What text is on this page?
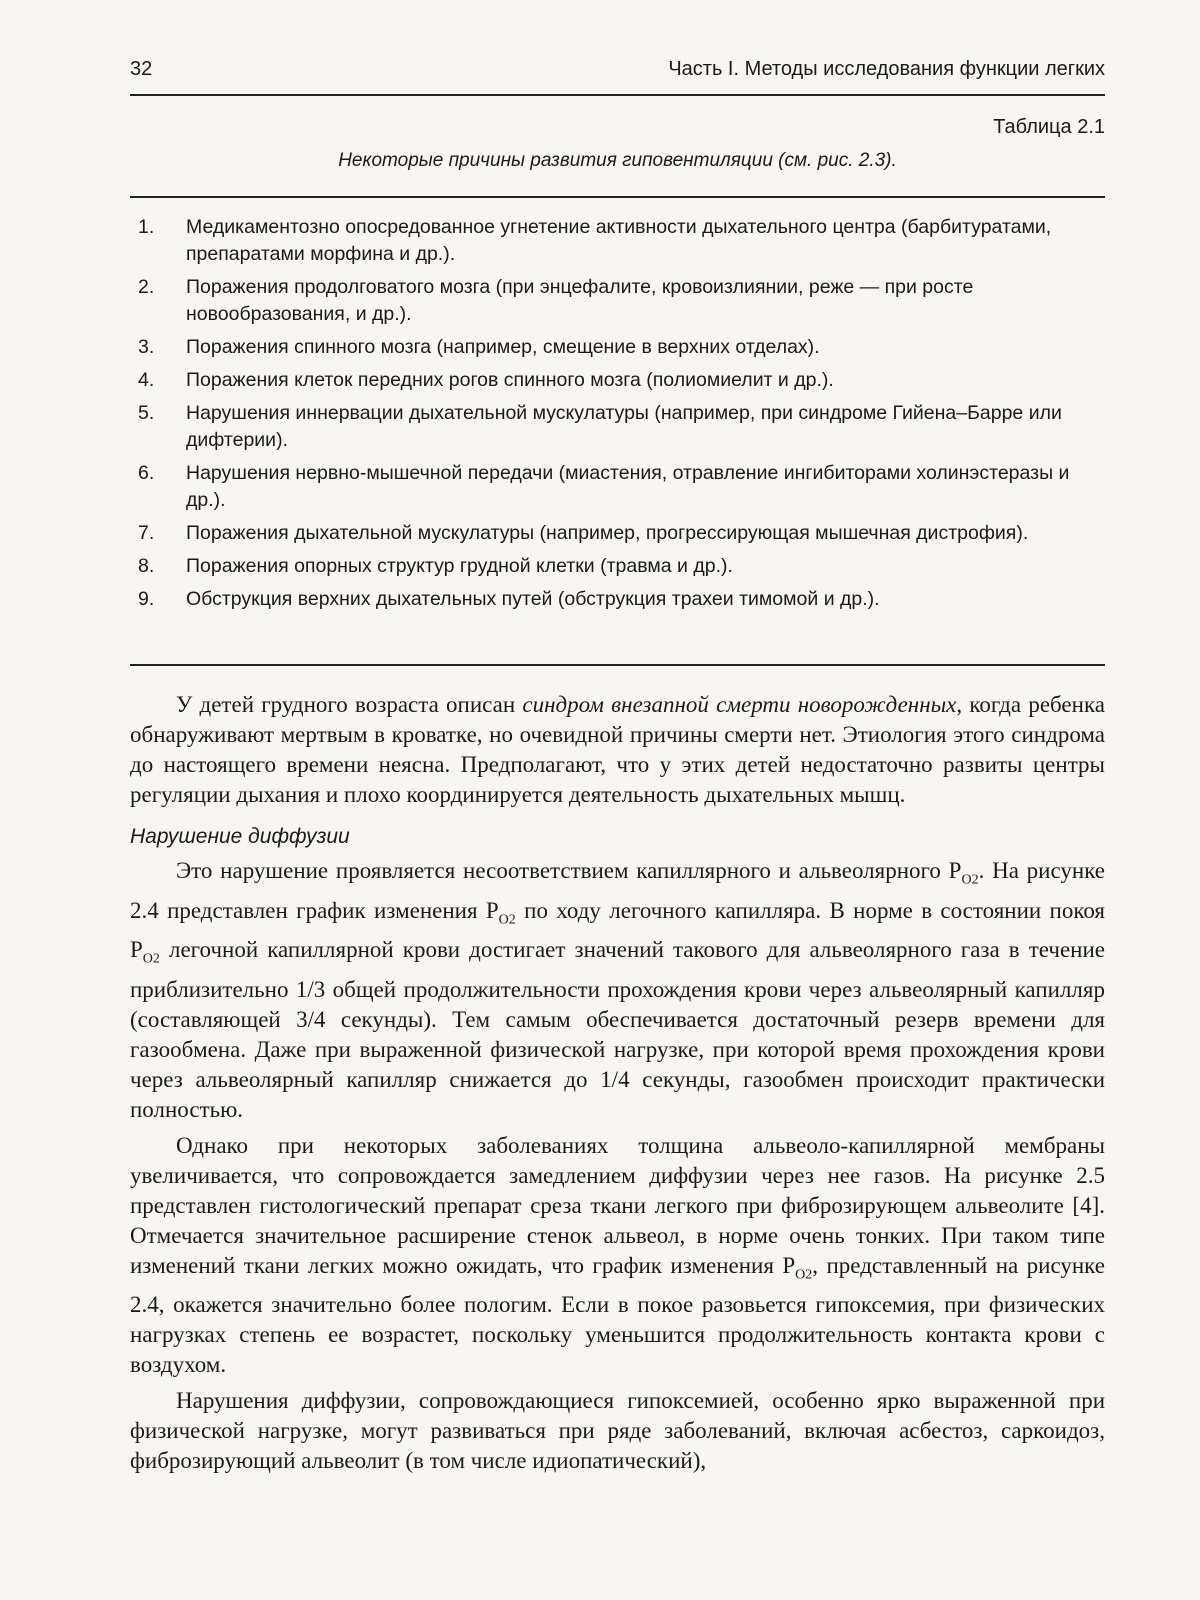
32	Часть I. Методы исследования функции легких
Таблица 2.1
Некоторые причины развития гиповентиляции (см. рис. 2.3).
1.	Медикаментозно опосредованное угнетение активности дыхательного центра (барбитуратами, препаратами морфина и др.).
2.	Поражения продолговатого мозга (при энцефалите, кровоизлиянии, реже — при росте новообразования, и др.).
3.	Поражения спинного мозга (например, смещение в верхних отделах).
4.	Поражения клеток передних рогов спинного мозга (полиомиелит и др.).
5.	Нарушения иннервации дыхательной мускулатуры (например, при синдроме Гийена–Барре или дифтерии).
6.	Нарушения нервно-мышечной передачи (миастения, отравление ингибиторами холинэстеразы и др.).
7.	Поражения дыхательной мускулатуры (например, прогрессирующая мышечная дистрофия).
8.	Поражения опорных структур грудной клетки (травма и др.).
9.	Обструкция верхних дыхательных путей (обструкция трахеи тимомой и др.).

У детей грудного возраста описан синдром внезапной смерти новорожденных, когда ребенка обнаруживают мертвым в кроватке, но очевидной причины смерти нет. Этиология этого синдрома до настоящего времени неясна. Предполагают, что у этих детей недостаточно развиты центры регуляции дыхания и плохо координируется деятельность дыхательных мышц.

Нарушение диффузии

Это нарушение проявляется несоответствием капиллярного и альвеолярного $P_{O2}$. На рисунке 2.4 представлен график изменения $P_{O2}$ по ходу легочного капилляра. В норме в состоянии покоя $P_{O2}$ легочной капиллярной крови достигает значений такового для альвеолярного газа в течение приблизительно 1/3 общей продолжительности прохождения крови через альвеолярный капилляр (составляющей 3/4 секунды). Тем самым обеспечивается достаточный резерв времени для газообмена. Даже при выраженной физической нагрузке, при которой время прохождения крови через альвеолярный капилляр снижается до 1/4 секунды, газообмен происходит практически полностью.

Однако при некоторых заболеваниях толщина альвеоло-капиллярной мембраны увеличивается, что сопровождается замедлением диффузии через нее газов. На рисунке 2.5 представлен гистологический препарат среза ткани легкого при фиброзирующем альвеолите [4]. Отмечается значительное расширение стенок альвеол, в норме очень тонких. При таком типе изменений ткани легких можно ожидать, что график изменения $P_{O2}$, представленный на рисунке 2.4, окажется значительно более пологим. Если в покое разовьется гипоксемия, при физических нагрузках степень ее возрастет, поскольку уменьшится продолжительность контакта крови с воздухом.

Нарушения диффузии, сопровождающиеся гипоксемией, особенно ярко выраженной при физической нагрузке, могут развиваться при ряде заболеваний, включая асбестоз, саркоидоз, фиброзирующий альвеолит (в том числе идиопатический),
